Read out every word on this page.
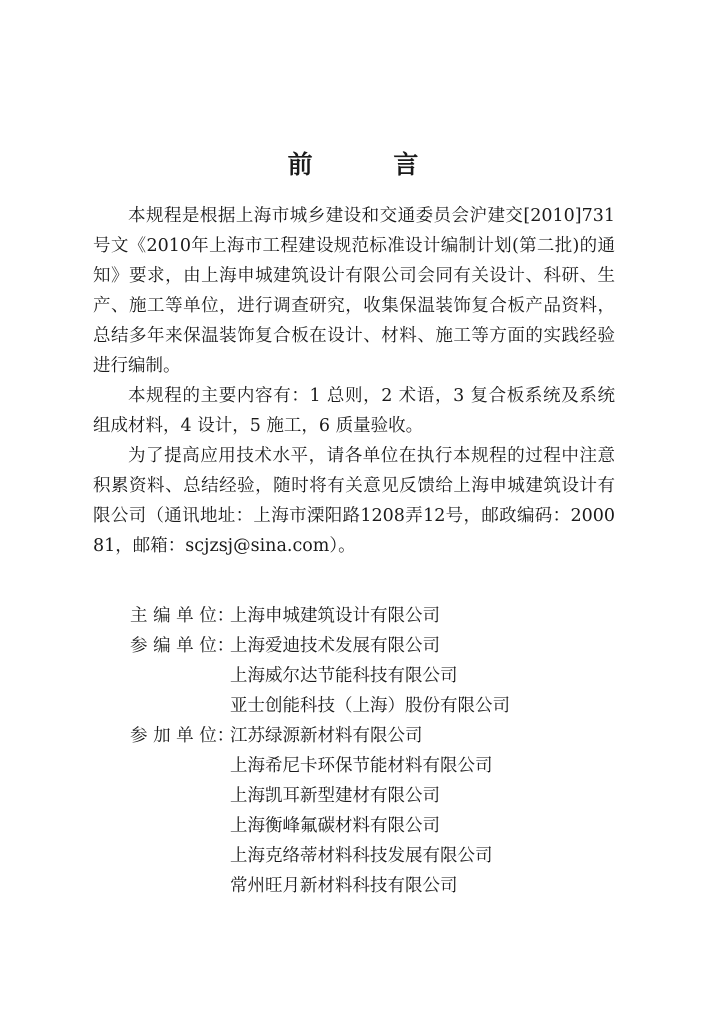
前 言

本规程是根据上海市城乡建设和交通委员会沪建交[2010]731号文《2010年上海市工程建设规范标准设计编制计划(第二批)的通知》要求，由上海申城建筑设计有限公司会同有关设计、科研、生产、施工等单位，进行调查研究，收集保温装饰复合板产品资料，总结多年来保温装饰复合板在设计、材料、施工等方面的实践经验进行编制。

本规程的主要内容有：1 总则，2 术语，3 复合板系统及系统组成材料，4 设计，5 施工，6 质量验收。

为了提高应用技术水平，请各单位在执行本规程的过程中注意积累资料、总结经验，随时将有关意见反馈给上海申城建筑设计有限公司（通讯地址：上海市溧阳路1208弄12号，邮政编码：200081，邮箱：scjzsj@sina.com）。

主 编 单 位：
上海申城建筑设计有限公司
参 编 单 位：
上海爱迪技术发展有限公司
上海威尔达节能科技有限公司
亚士创能科技（上海）股份有限公司
参 加 单 位：
江苏绿源新材料有限公司
上海希尼卡环保节能材料有限公司
上海凯耳新型建材有限公司
上海衡峰氟碳材料有限公司
上海克络蒂材料科技发展有限公司
常州旺月新材料科技有限公司
